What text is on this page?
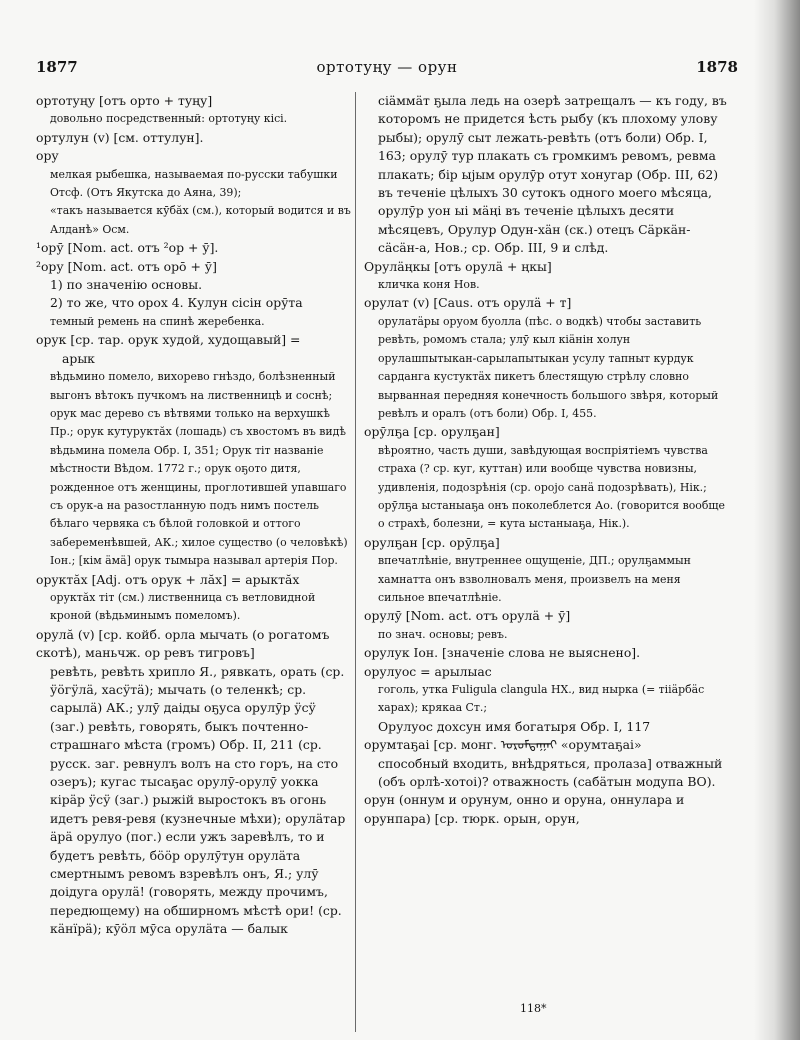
1877	ортотуңу — орун	1878

ортотуңу [отъ орто + туңу]

довольно посредственный: ортотуңу кісі.

ортулун (v) [см. оттулун].

ору

мелкая рыбешка, называемая по-русски табушки Отсф. (Отъ Якутска до Аяна, 39);

«такъ называется кӯбӑх (см.), который водится и въ Алданѣ» Осм.

¹орӯ [Nom. act. отъ ²ор + ӯ].

²ору [Nom. act. отъ орō + ӯ]

1) по значенію основы.

2) то же, что орох 4. Кулун сісін орӯта

темный ремень на спинѣ жеребенка.

орук [ср. тар. орук худой, худощавый] =

арык

вѣдьмино помело, вихорево гнѣздо, болѣзненный выгонъ вѣтокъ пучкомъ на лиственницѣ и соснѣ; орук мас дерево съ вѣтвями только на верхушкѣ Пр.; орук кутуруктӑх (лошадь) съ хвостомъ въ видѣ вѣдьмина помела Обр. I, 351; Орук тіт названіе мѣстности Вѣдом. 1772 г.; орук оҕото дитя, рожденное отъ женщины, проглотившей упавшаго съ орук-а на разостланную подъ нимъ постель бѣлаго червяка съ бѣлой головкой и оттого забеременѣвшей, АК.; хилое существо (о человѣкѣ) Іон.; [кім ӓмӓ] орук тымыра называл артерія Пор.

оруктӑх [Adj. отъ орук + лӑх] = арыктӑх

оруктӑх тіт (см.) лиственница съ ветловидной кроной (вѣдьминымъ помеломъ).

орулӑ (v) [ср. койб. орла мычать (о рогатомъ скотѣ), маньчж. ор ревъ тигровъ]

ревѣть, ревѣть хрипло Я., рявкать, орать (ср. ӱӧгӱлӓ, хасӱтӓ); мычать (о теленкѣ; ср. сарылӓ) АК.; улӯ даіды оҕуса орулӯр ӱсӱ (заг.) ревѣть, говорять, быкъ почтенно-страшнаго мѣста (громъ) Обр. II, 211 (ср. русск. заг. ревнулъ волъ на сто горъ, на сто озеръ); кугас тысаҕас орулӯ-орулӯ уокка кірӓр ӱсӱ (заг.) рыжій выростокъ въ огонь идетъ ревя-ревя (кузнечные мѣхи); орулӓтар ӓрӓ орулуо (пог.) если ужъ заревѣлъ, то и будетъ ревѣть, бӧӧр орулӯтун орулӓта смертнымъ ревомъ взревѣлъ онъ, Я.; улӯ доідуга орулӓ! (говорять, между прочимъ, передющему) на обширномъ мѣстѣ ори! (ср. кӓнїрӓ); кӯӧл мӯса орулӓта — балык

сіӓммӓт ҕыла ледь на озерѣ затрещалъ — къ году, въ которомъ не придется ѣсть рыбу (къ плохому улову рыбы); орулӯ сыт лежать-ревѣть (отъ боли) Обр. I, 163; орулӯ тур плакать съ громкимъ ревомъ, ревма плакать; бір ыјым орулӯр отут хонугар (Обр. III, 62) въ теченіе цѣлыхъ 30 сутокъ одного моего мѣсяца, орулӯр уон ыі мӓңі въ теченіе цѣлыхъ десяти мѣсяцевъ, Орулур Одун-хӓн (ск.) отецъ Сӓркӓн-сӓсӓн-а, Нов.; ср. Обр. III, 9 и слѣд.

Орулӓңкы [отъ орулӓ + ңкы]

кличка коня Нов.

орулат (v) [Caus. отъ орулӓ + т]

орулатӓры оруом буолла (пѣс. о водкѣ) чтобы заставить ревѣть, ромомъ стала; улӯ кыл кіӓнін холун орулашпытыкан-сарылапытыкан усулу тапныт курдук сарданга кустуктӓх пикетъ блестящую стрѣлу словно вырванная передняя конечность большого звѣря, который ревѣлъ и оралъ (отъ боли) Обр. I, 455.

орӯлҕа [ср. орулҕан]

вѣроятно, часть души, завѣдующая воспріятіемъ чувства страха (? ср. куг, куттан) или вообще чувства новизны, удивленія, подозрѣнія (ср. оројо санӓ подозрѣвать), Нік.; орӯлҕа ыстаныаҕа онъ поколеблется Ао. (говорится вообще о страхѣ, болезни, = кута ыстаныаҕа, Нік.).

орулҕан [ср. орӯлҕа]

впечатлѣніе, внутреннее ощущеніе, ДП.; орулҕаммын хамнатта онъ взволновалъ меня, произвелъ на меня сильное впечатлѣніе.

орулӯ [Nom. act. отъ орулӓ + ӯ]

по знач. основы; ревъ.

орулук Іон. [значеніе слова не выяснено].

орулуос = арылыас

гоголь, утка Fuligula clangula НХ., вид нырка (= тііӓрбӓс харах); крякаа Ст.;

Орулуос дохсун имя богатыря Обр. I, 117

орумтаҕаі [ср. монг. ᠣᠷᠤᠮᠲᠠᠭᠠᠢ «орумтаҕаі»

способный входить, внѣдряться, пролаза] отважный (объ орлѣ-хотоі)? отважность (сабӓтын модупа ВО).

орун (оннум и орунум, онно и оруна, оннулара и орунпара) [ср. тюрк. орын, орун,

118*
